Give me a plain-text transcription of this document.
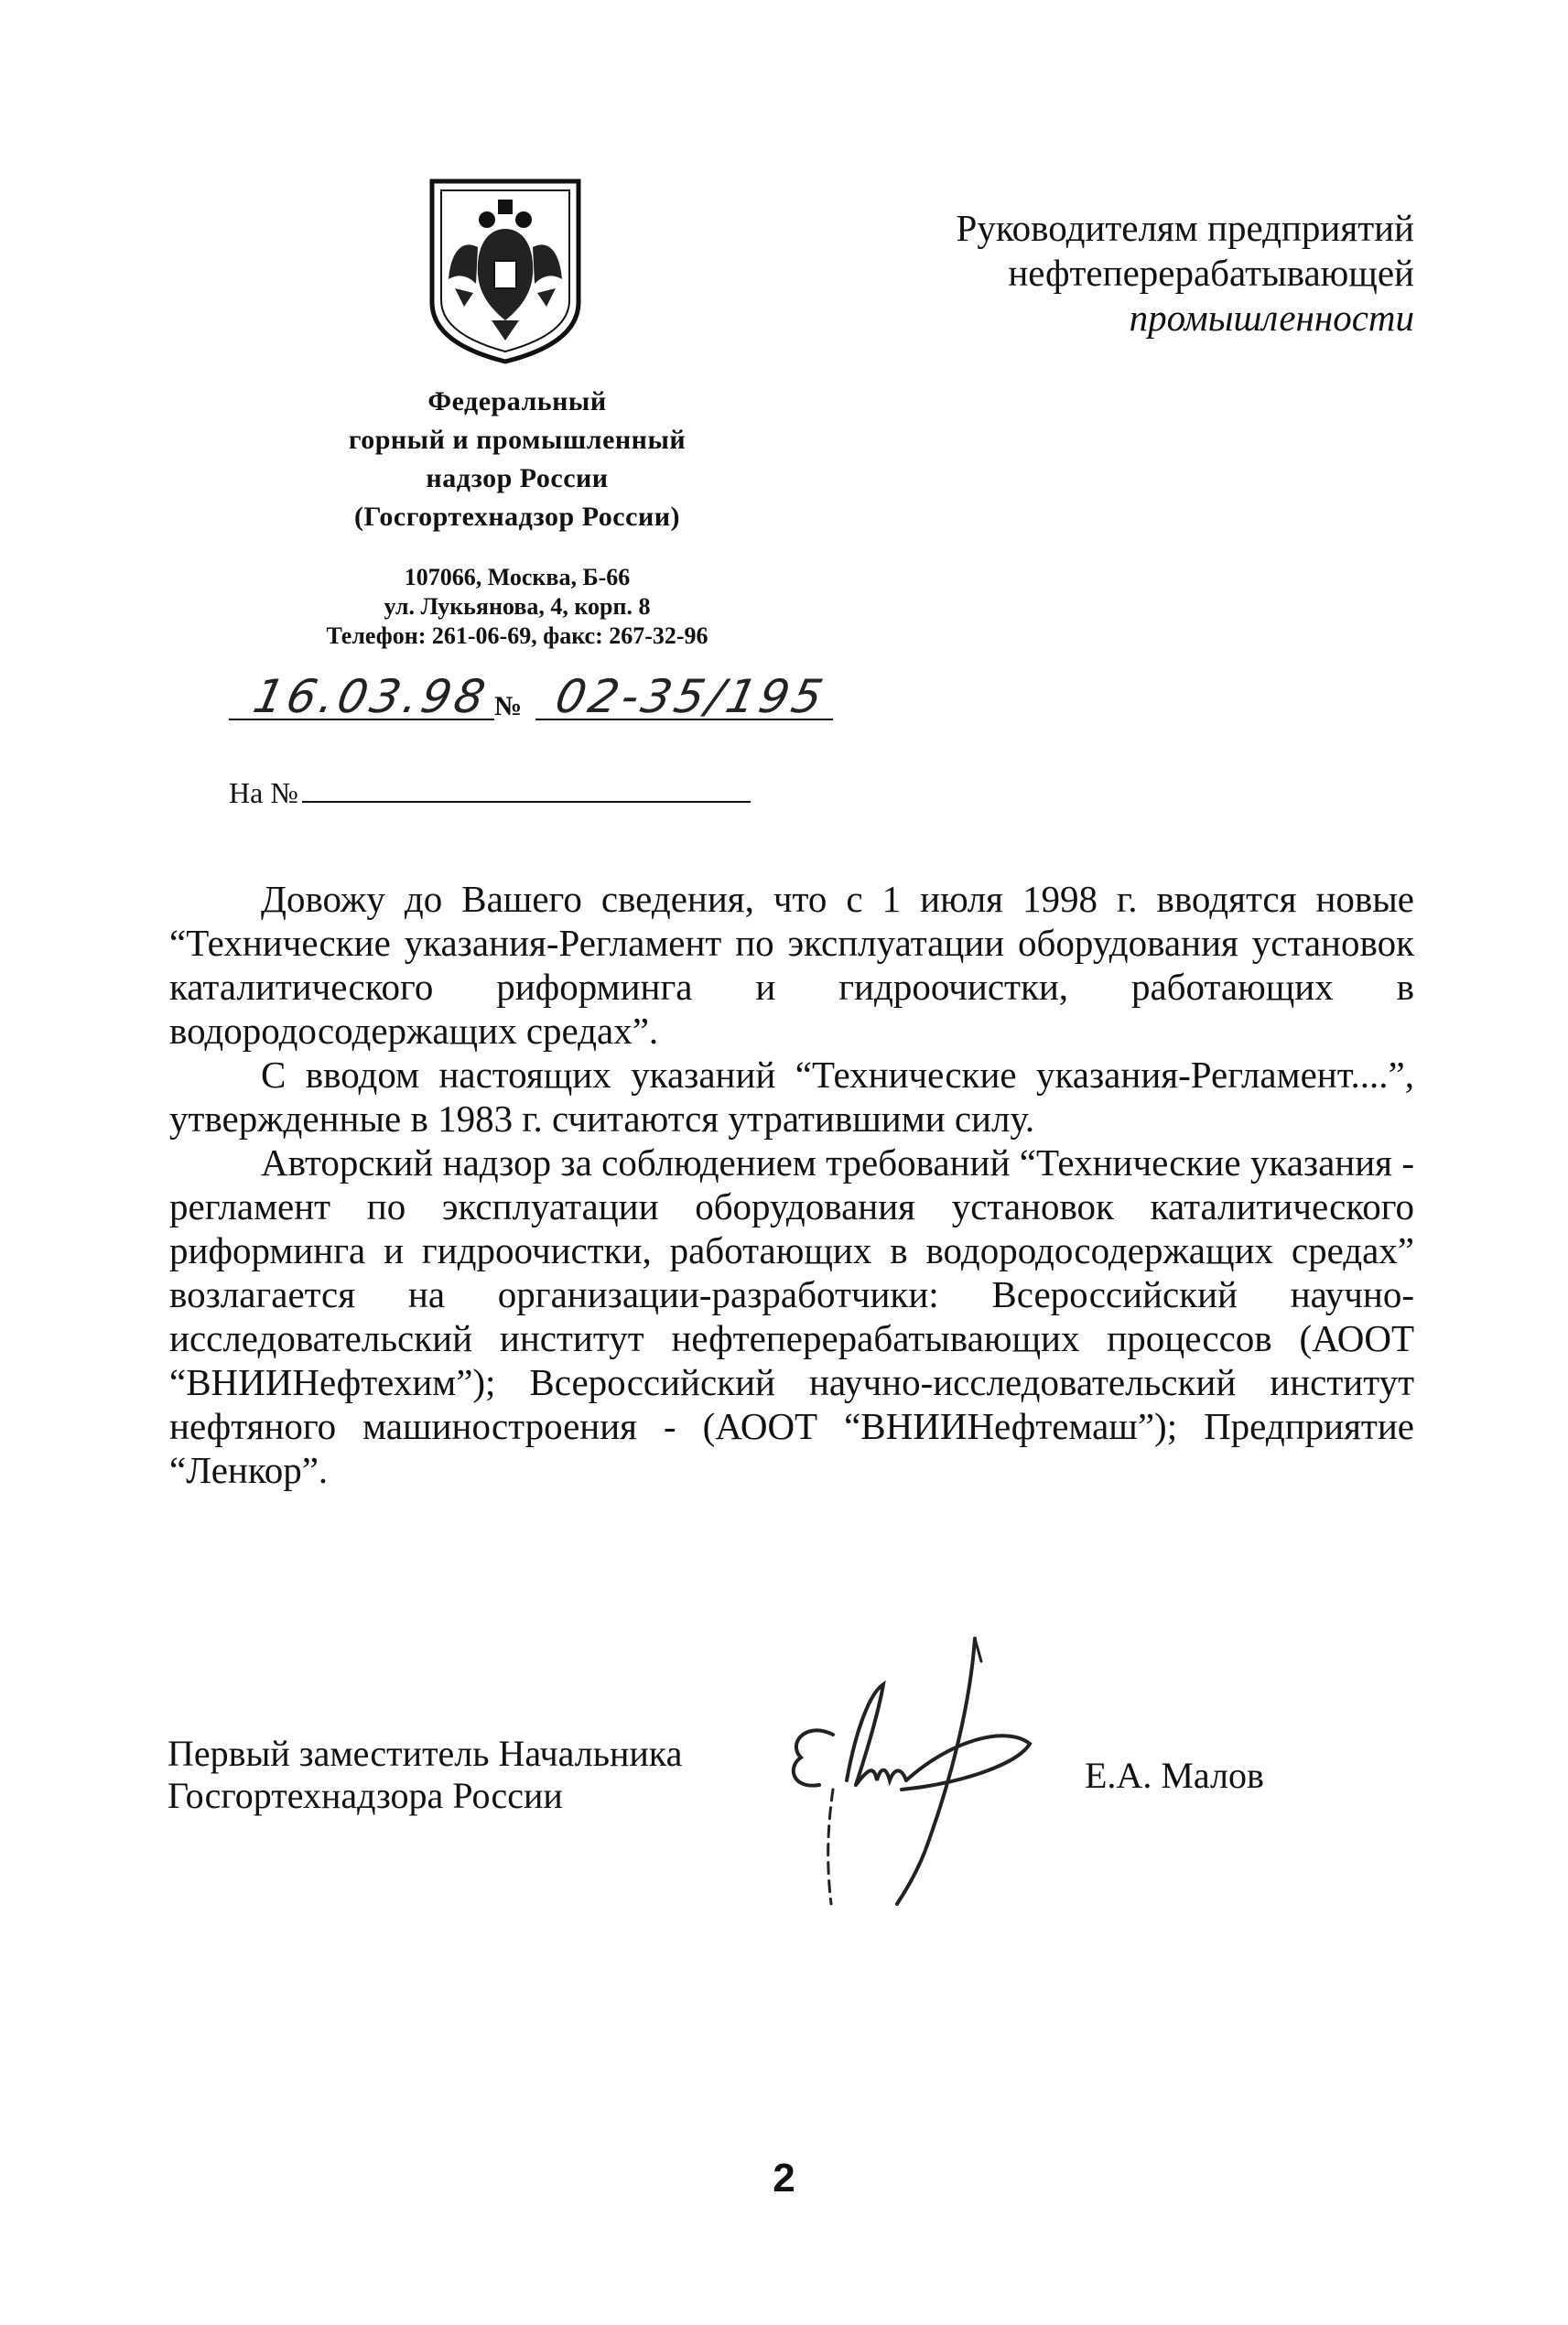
Руководителям предприятий
нефтеперерабатывающей
промышленности
Федеральный
горный и промышленный
надзор России
(Госгортехнадзор России)
107066, Москва, Б-66
ул. Лукьянова, 4, корп. 8
Телефон: 261-06-69, факс: 267-32-96
16.03.98 № 02-35/195
На №

Довожу до Вашего сведения, что с 1 июля 1998 г. вводятся новые “Технические указания-Регламент по эксплуатации оборудования установок каталитического риформинга и гидроочистки, работающих в водородосодержащих средах”.

С вводом настоящих указаний “Технические указания-Регламент....”, утвержденные в 1983 г. считаются утратившими силу.

Авторский надзор за соблюдением требований “Технические указания - регламент по эксплуатации оборудования установок каталитического риформинга и гидроочистки, работающих в водородосодержащих средах” возлагается на организации-разработчики: Всероссийский научно-исследовательский институт нефтеперерабатывающих процессов (АООТ “ВНИИНефтехим”); Всероссийский научно-исследовательский институт нефтяного машиностроения - (АООТ “ВНИИНефтемаш”); Предприятие “Ленкор”.

Первый заместитель Начальника
Госгортехнадзора России	Е.А. Малов
2
